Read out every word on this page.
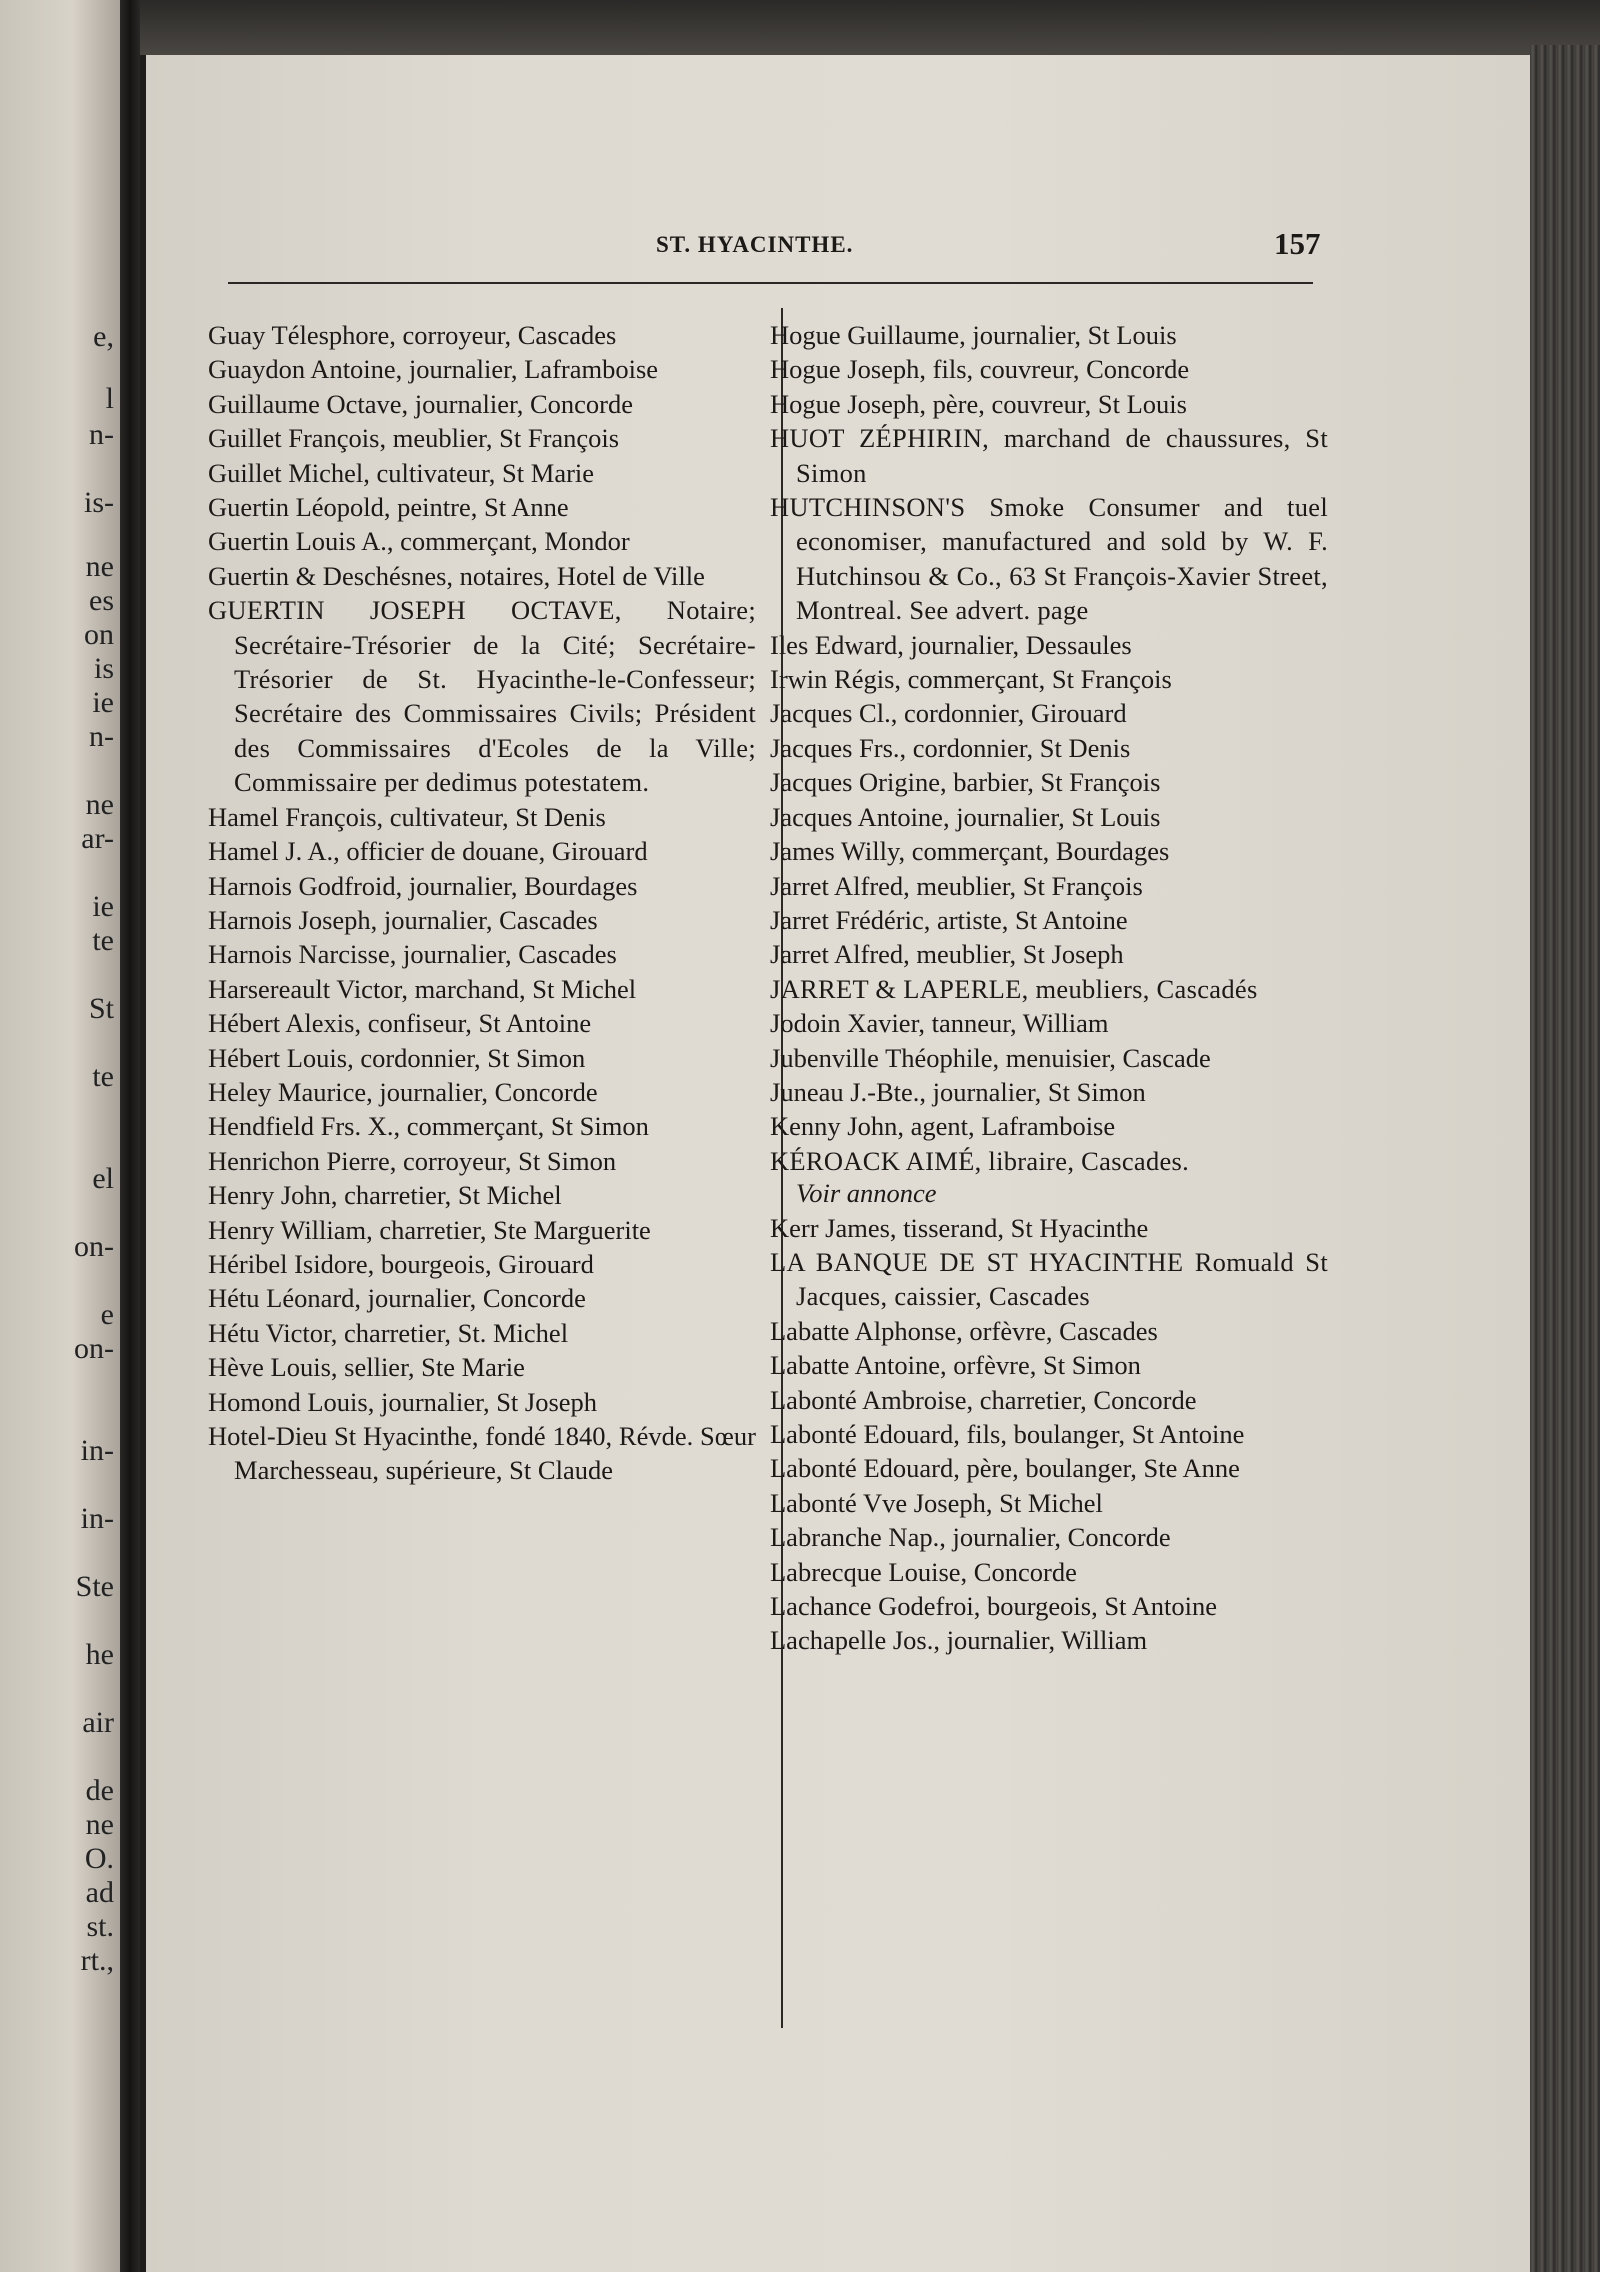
e,
l
n-
is-
ne
es
on
is
ie
n-
ne
ar-
ie
te
St
te
el
on-
e
on-
in-
in-
Ste
he
air
de
ne
O.
ad
st.
rt.,
ST. HYACINTHE.	157

Guay Télesphore, corroyeur, Cascades

Guaydon Antoine, journalier, Laframboise

Guillaume Octave, journalier, Concorde

Guillet François, meublier, St François

Guillet Michel, cultivateur, St Marie

Guertin Léopold, peintre, St Anne

Guertin Louis A., commerçant, Mondor

Guertin & Deschésnes, notaires, Hotel de Ville

GUERTIN JOSEPH OCTAVE, Notaire; Secrétaire-Trésorier de la Cité; Secrétaire-Trésorier de St. Hyacinthe-le-Confesseur; Secrétaire des Commissaires Civils; Président des Commissaires d'Ecoles de la Ville; Commissaire per dedimus potestatem.

Hamel François, cultivateur, St Denis

Hamel J. A., officier de douane, Girouard

Harnois Godfroid, journalier, Bourdages

Harnois Joseph, journalier, Cascades

Harnois Narcisse, journalier, Cascades

Harsereault Victor, marchand, St Michel

Hébert Alexis, confiseur, St Antoine

Hébert Louis, cordonnier, St Simon

Heley Maurice, journalier, Concorde

Hendfield Frs. X., commerçant, St Simon

Henrichon Pierre, corroyeur, St Simon

Henry John, charretier, St Michel

Henry William, charretier, Ste Marguerite

Héribel Isidore, bourgeois, Girouard

Hétu Léonard, journalier, Concorde

Hétu Victor, charretier, St. Michel

Hève Louis, sellier, Ste Marie

Homond Louis, journalier, St Joseph

Hotel-Dieu St Hyacinthe, fondé 1840, Révde. Sœur Marchesseau, supérieure, St Claude

Hogue Guillaume, journalier, St Louis

Hogue Joseph, fils, couvreur, Concorde

Hogue Joseph, père, couvreur, St Louis

HUOT ZÉPHIRIN, marchand de chaussures, St Simon

HUTCHINSON'S Smoke Consumer and tuel economiser, manufactured and sold by W. F. Hutchinsou & Co., 63 St François-Xavier Street, Montreal. See advert. page

Iles Edward, journalier, Dessaules

Irwin Régis, commerçant, St François

Jacques Cl., cordonnier, Girouard

Jacques Frs., cordonnier, St Denis

Jacques Origine, barbier, St François

Jacques Antoine, journalier, St Louis

James Willy, commerçant, Bourdages

Jarret Alfred, meublier, St François

Jarret Frédéric, artiste, St Antoine

Jarret Alfred, meublier, St Joseph

JARRET & LAPERLE, meubliers, Cascadés

Jodoin Xavier, tanneur, William

Jubenville Théophile, menuisier, Cascade

Juneau J.-Bte., journalier, St Simon

Kenny John, agent, Laframboise

KÉROACK AIMÉ, libraire, Cascades.

Voir annonce

Kerr James, tisserand, St Hyacinthe

LA BANQUE DE ST HYACINTHE Romuald St Jacques, caissier, Cascades

Labatte Alphonse, orfèvre, Cascades

Labatte Antoine, orfèvre, St Simon

Labonté Ambroise, charretier, Concorde

Labonté Edouard, fils, boulanger, St Antoine

Labonté Edouard, père, boulanger, Ste Anne

Labonté Vve Joseph, St Michel

Labranche Nap., journalier, Concorde

Labrecque Louise, Concorde

Lachance Godefroi, bourgeois, St Antoine

Lachapelle Jos., journalier, William
